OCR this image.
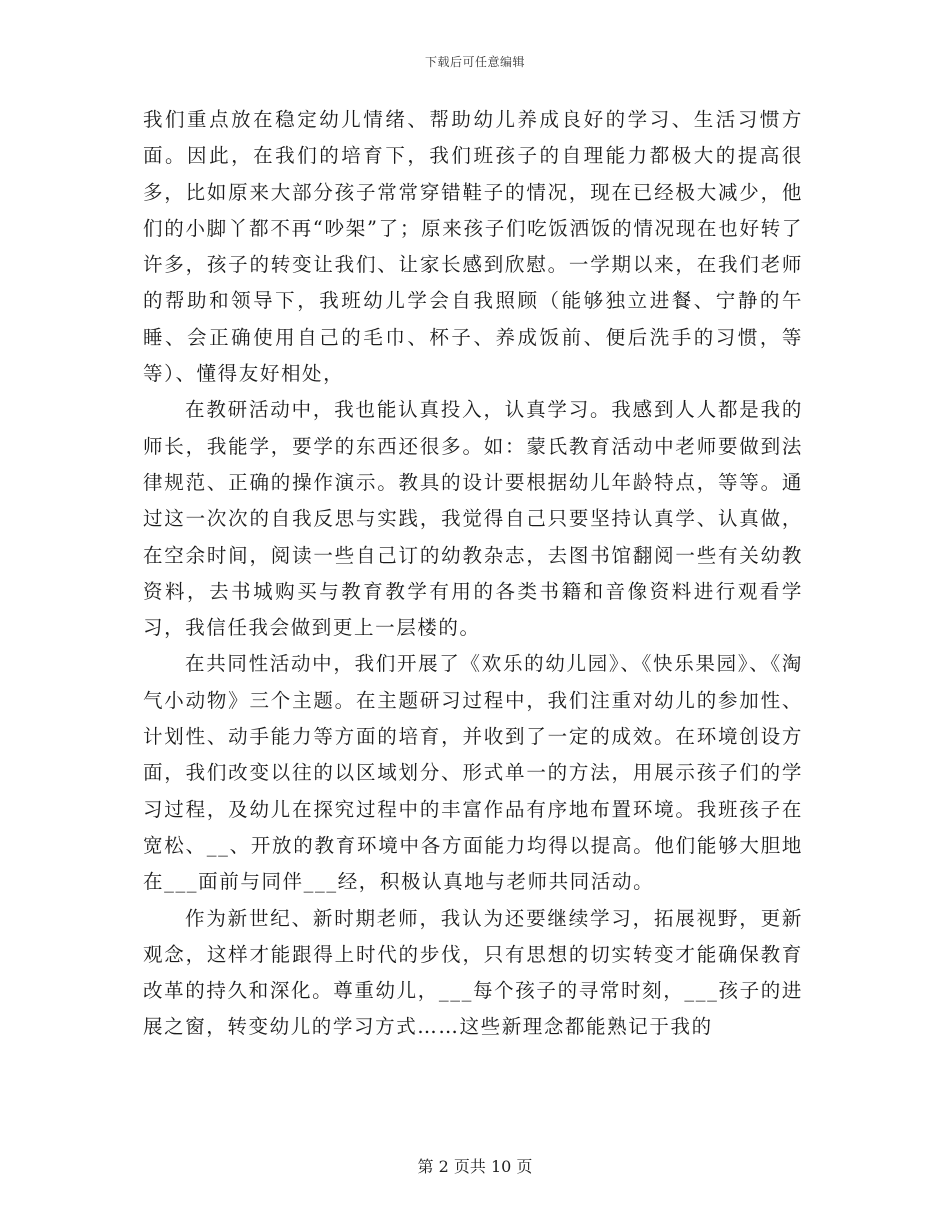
下载后可任意编辑

我们重点放在稳定幼儿情绪、帮助幼儿养成良好的学习、生活习惯方面。因此，在我们的培育下，我们班孩子的自理能力都极大的提高很多，比如原来大部分孩子常常穿错鞋子的情况，现在已经极大减少，他们的小脚丫都不再“吵架”了；原来孩子们吃饭洒饭的情况现在也好转了许多，孩子的转变让我们、让家长感到欣慰。一学期以来，在我们老师的帮助和领导下，我班幼儿学会自我照顾（能够独立进餐、宁静的午睡、会正确使用自己的毛巾、杯子、养成饭前、便后洗手的习惯，等等）、懂得友好相处，

在教研活动中，我也能认真投入，认真学习。我感到人人都是我的师长，我能学，要学的东西还很多。如：蒙氏教育活动中老师要做到法律规范、正确的操作演示。教具的设计要根据幼儿年龄特点，等等。通过这一次次的自我反思与实践，我觉得自己只要坚持认真学、认真做，在空余时间，阅读一些自己订的幼教杂志，去图书馆翻阅一些有关幼教资料，去书城购买与教育教学有用的各类书籍和音像资料进行观看学习，我信任我会做到更上一层楼的。

在共同性活动中，我们开展了《欢乐的幼儿园》、《快乐果园》、《淘气小动物》三个主题。在主题研习过程中，我们注重对幼儿的参加性、计划性、动手能力等方面的培育，并收到了一定的成效。在环境创设方面，我们改变以往的以区域划分、形式单一的方法，用展示孩子们的学习过程，及幼儿在探究过程中的丰富作品有序地布置环境。我班孩子在宽松、__、开放的教育环境中各方面能力均得以提高。他们能够大胆地在___面前与同伴___经，积极认真地与老师共同活动。

作为新世纪、新时期老师，我认为还要继续学习，拓展视野，更新观念，这样才能跟得上时代的步伐，只有思想的切实转变才能确保教育改革的持久和深化。尊重幼儿，___每个孩子的寻常时刻，___孩子的进展之窗，转变幼儿的学习方式……这些新理念都能熟记于我的

第 2 页共 10 页
